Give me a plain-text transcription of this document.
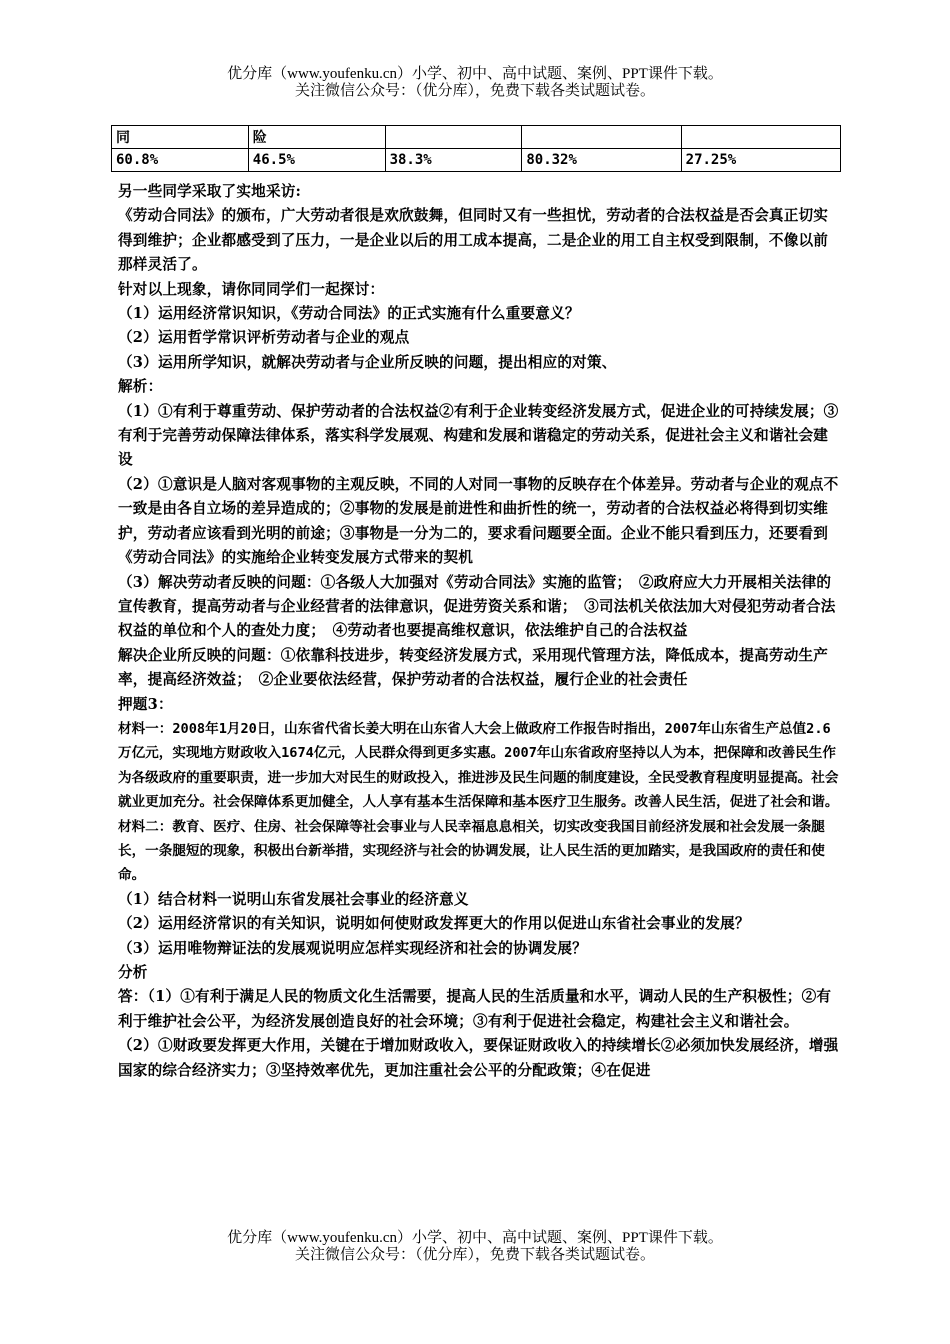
优分库（www.youfenku.cn）小学、初中、高中试题、案例、PPT课件下载。
关注微信公众号：（优分库），免费下载各类试题试卷。
同	险			
60.8%	46.5%	38.3%	80.32%	27.25%

另一些同学采取了实地采访:

《劳动合同法》的颁布，广大劳动者很是欢欣鼓舞，但同时又有一些担忧，劳动者的合法权益是否会真正切实得到维护；企业都感受到了压力，一是企业以后的用工成本提高，二是企业的用工自主权受到限制，不像以前那样灵活了。

针对以上现象，请你同同学们一起探讨：

（1）运用经济常识知识，《劳动合同法》的正式实施有什么重要意义？

（2）运用哲学常识评析劳动者与企业的观点

（3）运用所学知识，就解决劳动者与企业所反映的问题，提出相应的对策、

解析：

（1）①有利于尊重劳动、保护劳动者的合法权益②有利于企业转变经济发展方式，促进企业的可持续发展；③有利于完善劳动保障法律体系，落实科学发展观、构建和发展和谐稳定的劳动关系，促进社会主义和谐社会建设

（2）①意识是人脑对客观事物的主观反映，不同的人对同一事物的反映存在个体差异。劳动者与企业的观点不一致是由各自立场的差异造成的；②事物的发展是前进性和曲折性的统一，劳动者的合法权益必将得到切实维护，劳动者应该看到光明的前途；③事物是一分为二的，要求看问题要全面。企业不能只看到压力，还要看到《劳动合同法》的实施给企业转变发展方式带来的契机

（3）解决劳动者反映的问题：①各级人大加强对《劳动合同法》实施的监管；　②政府应大力开展相关法律的宣传教育，提高劳动者与企业经营者的法律意识，促进劳资关系和谐；　③司法机关依法加大对侵犯劳动者合法权益的单位和个人的查处力度；　④劳动者也要提高维权意识，依法维护自己的合法权益

解决企业所反映的问题：①依靠科技进步，转变经济发展方式，采用现代管理方法，降低成本，提高劳动生产率，提高经济效益；　②企业要依法经营，保护劳动者的合法权益，履行企业的社会责任

押题3：

材料一：2008年1月20日，山东省代省长姜大明在山东省人大会上做政府工作报告时指出，2007年山东省生产总值2.6万亿元，实现地方财政收入1674亿元，人民群众得到更多实惠。2007年山东省政府坚持以人为本，把保障和改善民生作为各级政府的重要职责，进一步加大对民生的财政投入，推进涉及民生问题的制度建设，全民受教育程度明显提高。社会就业更加充分。社会保障体系更加健全，人人享有基本生活保障和基本医疗卫生服务。改善人民生活，促进了社会和谐。

材料二：教育、医疗、住房、社会保障等社会事业与人民幸福息息相关，切实改变我国目前经济发展和社会发展一条腿长，一条腿短的现象，积极出台新举措，实现经济与社会的协调发展，让人民生活的更加踏实，是我国政府的责任和使命。

（1）结合材料一说明山东省发展社会事业的经济意义

（2）运用经济常识的有关知识，说明如何使财政发挥更大的作用以促进山东省社会事业的发展？

（3）运用唯物辩证法的发展观说明应怎样实现经济和社会的协调发展？

分析

答：（1）①有利于满足人民的物质文化生活需要，提高人民的生活质量和水平，调动人民的生产积极性；②有利于维护社会公平，为经济发展创造良好的社会环境；③有利于促进社会稳定，构建社会主义和谐社会。

（2）①财政要发挥更大作用，关键在于增加财政收入，要保证财政收入的持续增长②必须加快发展经济，增强国家的综合经济实力；③坚持效率优先，更加注重社会公平的分配政策；④在促进

优分库（www.youfenku.cn）小学、初中、高中试题、案例、PPT课件下载。
关注微信公众号：（优分库），免费下载各类试题试卷。
